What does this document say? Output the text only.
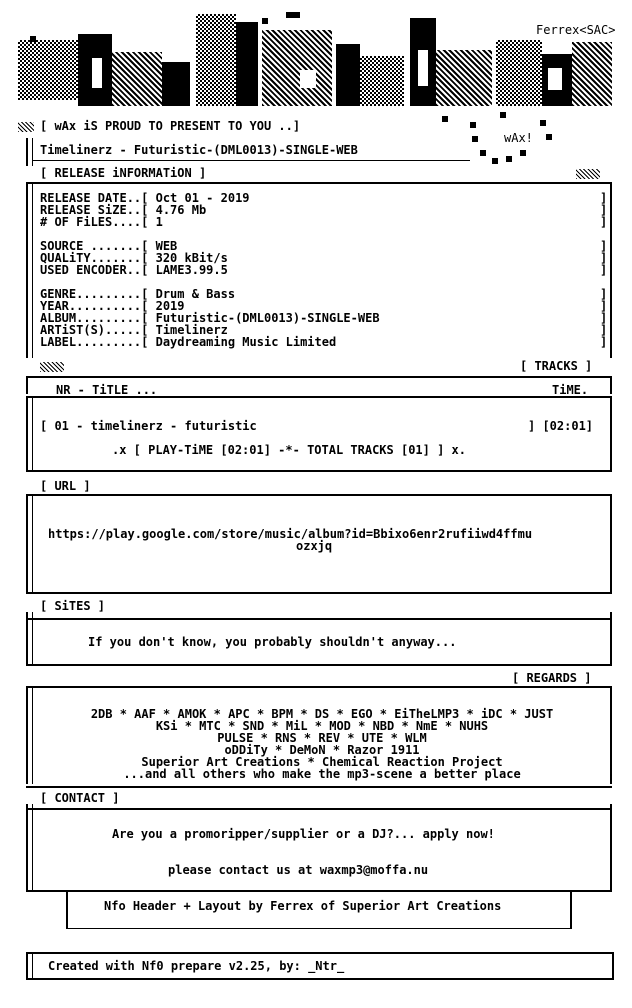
Ferrex<SAC>
[ wAx iS PROUD TO PRESENT TO YOU ..]
wAx!
Timelinerz - Futuristic-(DML0013)-SINGLE-WEB
[ RELEASE iNFORMATiON ]
RELEASE DATE..[ Oct 01 - 2019
RELEASE SiZE..[ 4.76 Mb
# OF FiLES....[ 1
SOURCE .......[ WEB
QUALiTY.......[ 320 kBit/s
USED ENCODER..[ LAME3.99.5
GENRE.........[ Drum & Bass
YEAR..........[ 2019
ALBUM.........[ Futuristic-(DML0013)-SINGLE-WEB
ARTiST(S).....[ Timelinerz
LABEL.........[ Daydreaming Music Limited
]
]
]
]
]
]
]
]
]
]
]
[ TRACKS ]
NR - TiTLE ...	TiME.
[ 01 - timelinerz - futuristic	] [02:01]
.x [ PLAY-TiME [02:01] -*- TOTAL TRACKS [01] ] x.
[ URL ]
https://play.google.com/store/music/album?id=Bbixo6enr2rufiiwd4ffmu
ozxjq
[ SiTES ]
If you don't know, you probably shouldn't anyway...
[ REGARDS ]
2DB * AAF * AMOK * APC * BPM * DS * EGO * EiTheLMP3 * iDC * JUST
KSi * MTC * SND * MiL * MOD * NBD * NmE * NUHS
PULSE * RNS * REV * UTE * WLM
oDDiTy * DeMoN * Razor 1911
Superior Art Creations * Chemical Reaction Project
...and all others who make the mp3-scene a better place
[ CONTACT ]
Are you a promoripper/supplier or a DJ?... apply now!
please contact us at waxmp3@moffa.nu
Nfo Header + Layout by Ferrex of Superior Art Creations
Created with Nf0 prepare v2.25, by: _Ntr_
